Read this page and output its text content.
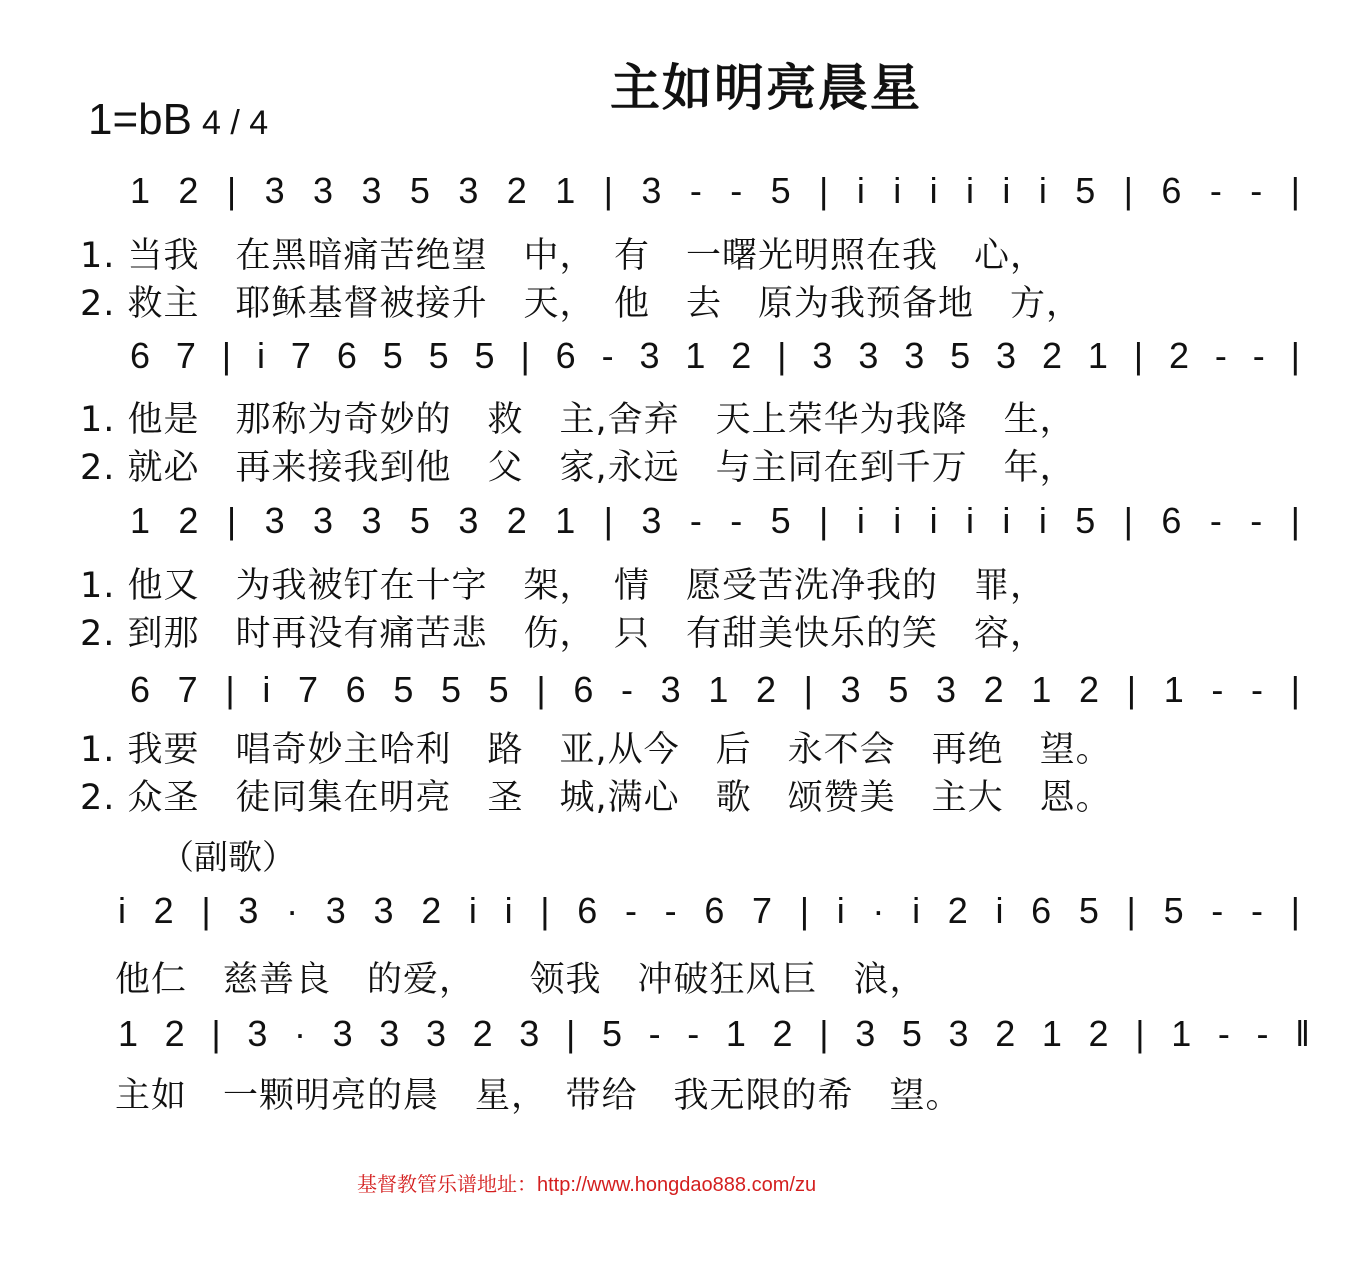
主如明亮晨星
1=bB 4 / 4
1 2 | 3 3 3 5 3 2 1 | 3 - - 5 | i i i i i i 5 | 6 - - |
1. 当我　在黑暗痛苦绝望　中，　有　一曙光明照在我　心，
2. 救主　耶稣基督被接升　天，　他　去　原为我预备地　方，
6 7 | i 7 6 5 5 5 | 6 - 3 1 2 | 3 3 3 5 3 2 1 | 2 - - |
1. 他是　那称为奇妙的　救　主,舍弃　天上荣华为我降　生，
2. 就必　再来接我到他　父　家,永远　与主同在到千万　年，
1 2 | 3 3 3 5 3 2 1 | 3 - - 5 | i i i i i i 5 | 6 - - |
1. 他又　为我被钉在十字　架，　情　愿受苦洗净我的　罪，
2. 到那　时再没有痛苦悲　伤，　只　有甜美快乐的笑　容，
6 7 | i 7 6 5 5 5 | 6 - 3 1 2 | 3 5 3 2 1 2 | 1 - - |
1. 我要　唱奇妙主哈利　路　亚,从今　后　永不会　再绝　望。
2. 众圣　徒同集在明亮　圣　城,满心　歌　颂赞美　主大　恩。
（副歌）
i 2 | 3 · 3 3 2 i i | 6 - - 6 7 | i · i 2 i 6 5 | 5 - - |
他仁　慈善良　的爱，　　领我　冲破狂风巨　浪，
1 2 | 3 · 3 3 3 2 3 | 5 - - 1 2 | 3 5 3 2 1 2 | 1 - - ‖
主如　一颗明亮的晨　星，　带给　我无限的希　望。
基督教管乐谱地址：http://www.hongdao888.com/zu
